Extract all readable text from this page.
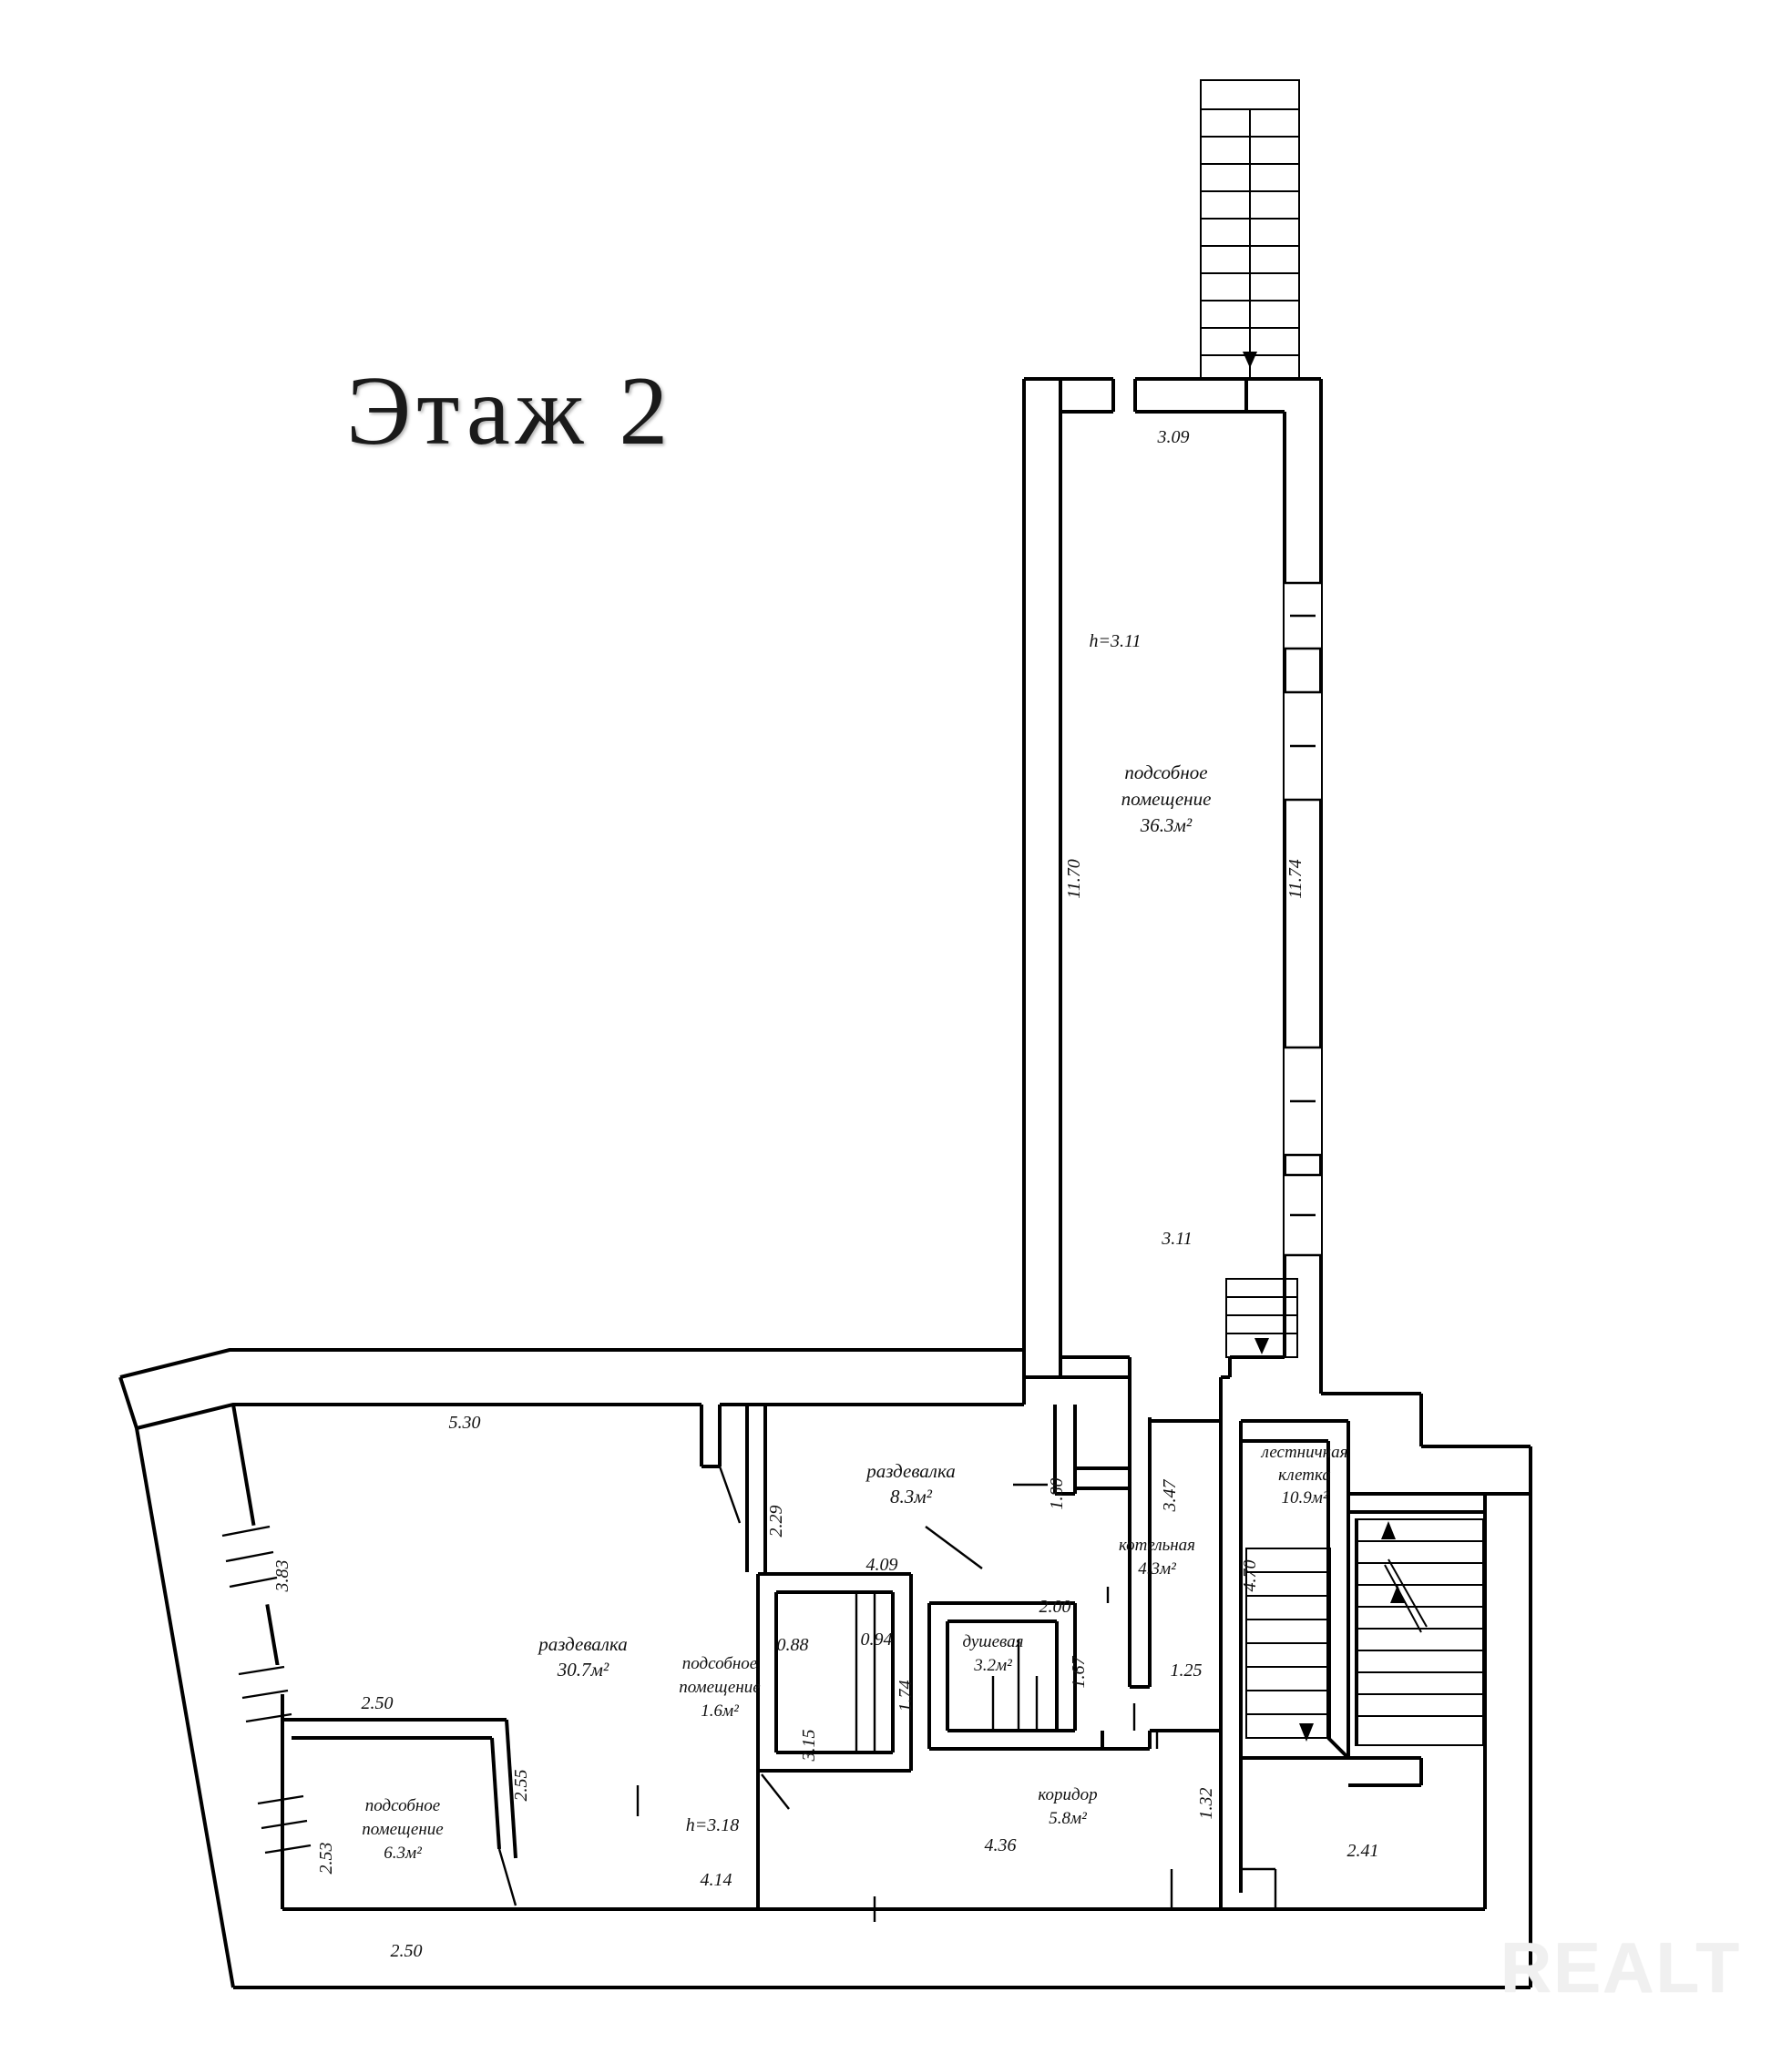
Этаж 2	3.09
11.70	11.74
3.11
h=3.11
подсобное
помещение
36.3м²
5.30
3.83
2.50
2.55
2.53
2.50
4.14
4.36	2.41
2.29
4.09
0.88	0.94
1.74
3.15
2.00
1.67
1.80	3.47
4.70
1.25
1.32
лестничная
клетка
10.9м²
раздевалка
30.7м²
h=3.18
раздевалка
8.3м²
котельная
4.3м²
душевая
3.2м²
подсобное
помещение
1.6м²
подсобное
помещение
6.3м²
коридор
5.8м²
REALT
